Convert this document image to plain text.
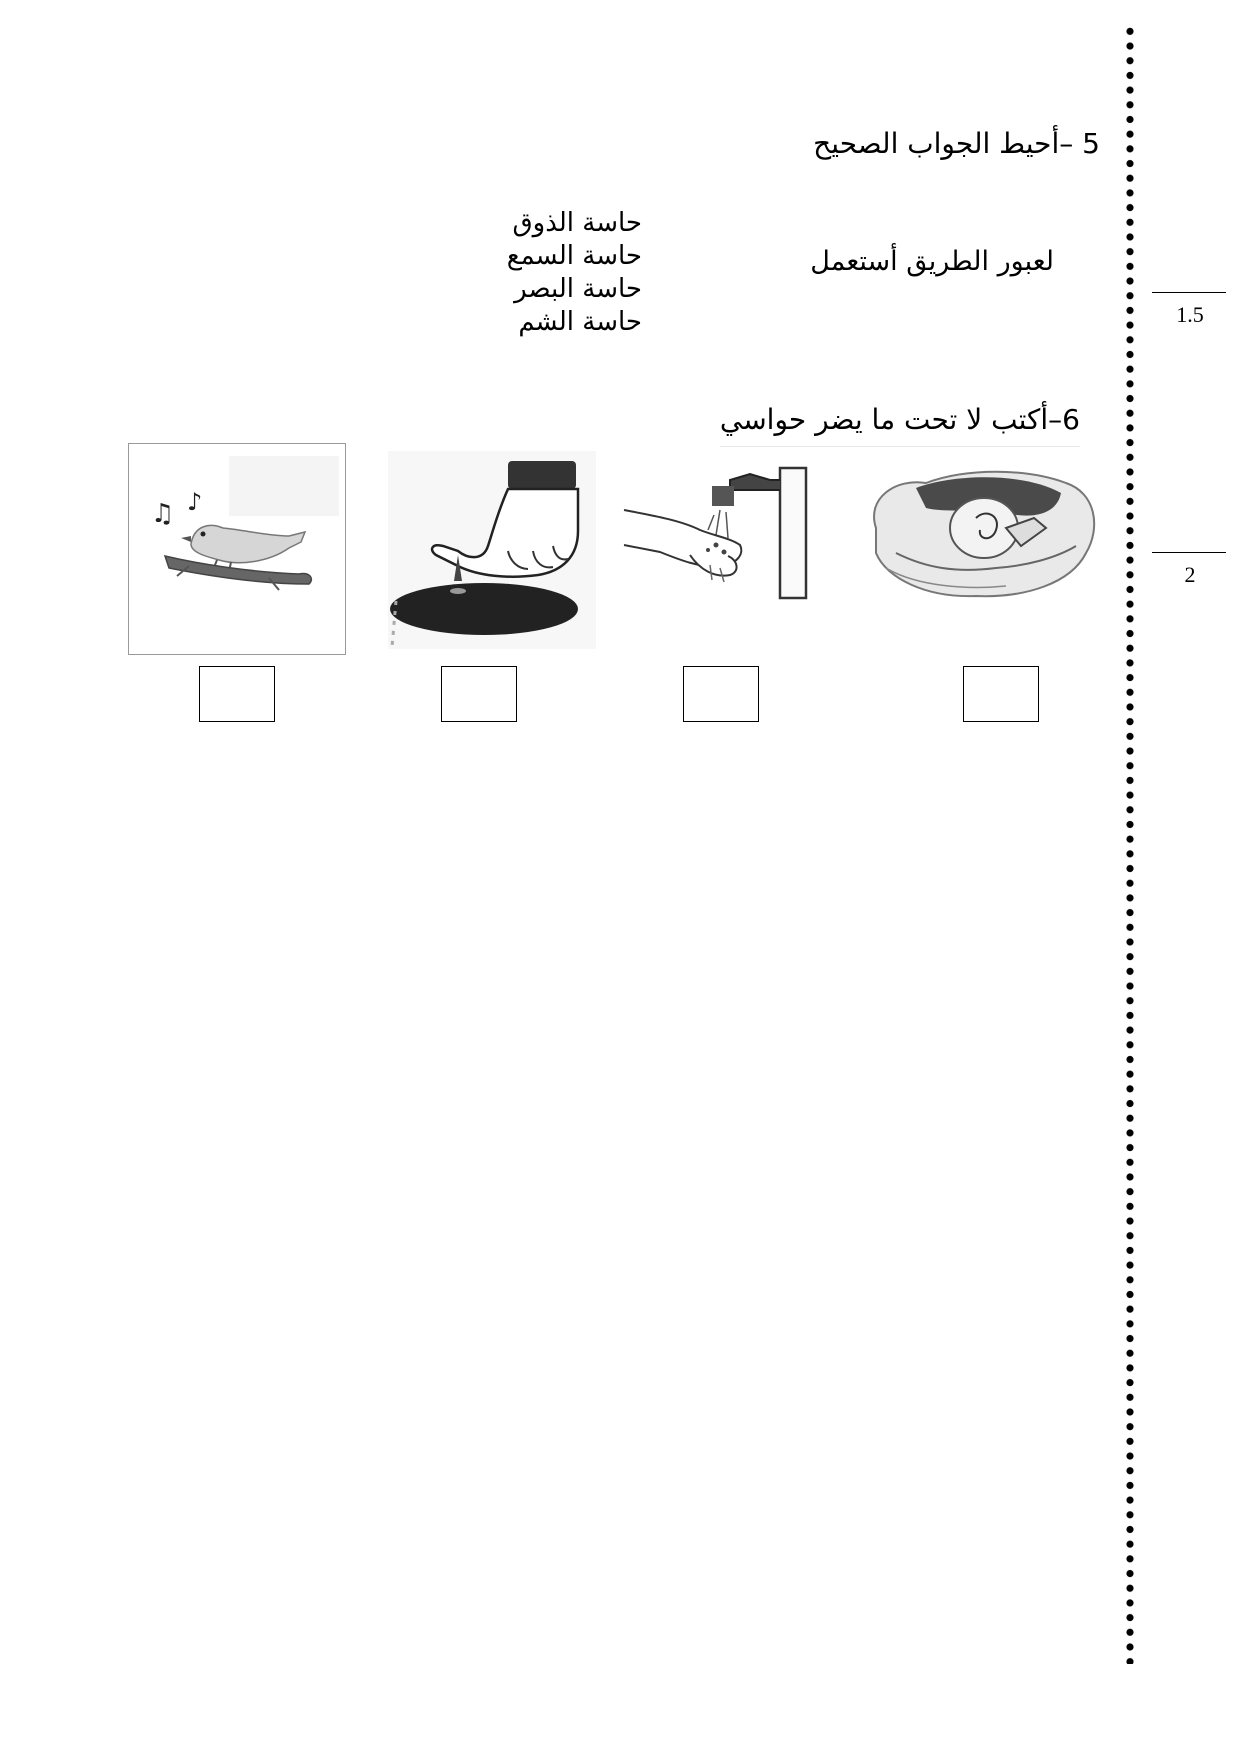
1.5
2
5 –أحيط الجواب الصحيح
لعبور الطريق أستعمل
حاسة الذوق
حاسة السمع
حاسة البصر
حاسة الشم
6–أكتب لا تحت ما يضر حواسي
♫ ♪
